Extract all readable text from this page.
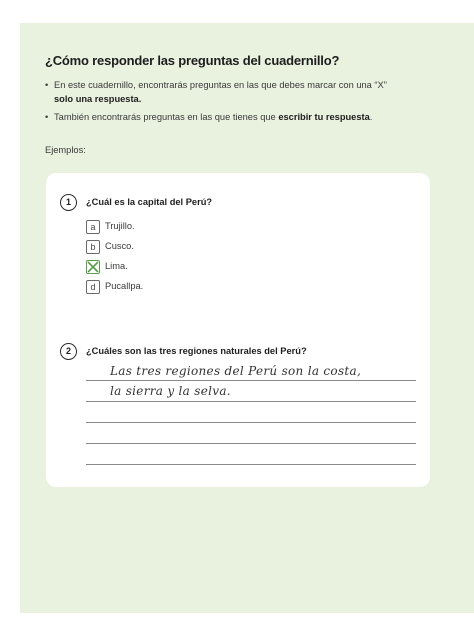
¿Cómo responder las preguntas del cuadernillo?
• En este cuadernillo, encontrarás preguntas en las que debes marcar con una “X”
solo una respuesta.
• También encontrarás preguntas en las que tienes que escribir tu respuesta.
Ejemplos:
1	¿Cuál es la capital del Perú?
a	Trujillo.
b	Cusco.
Lima.
d	Pucallpa.
2	¿Cuáles son las tres regiones naturales del Perú?
Las tres regiones del Perú son la costa,
la sierra y la selva.
